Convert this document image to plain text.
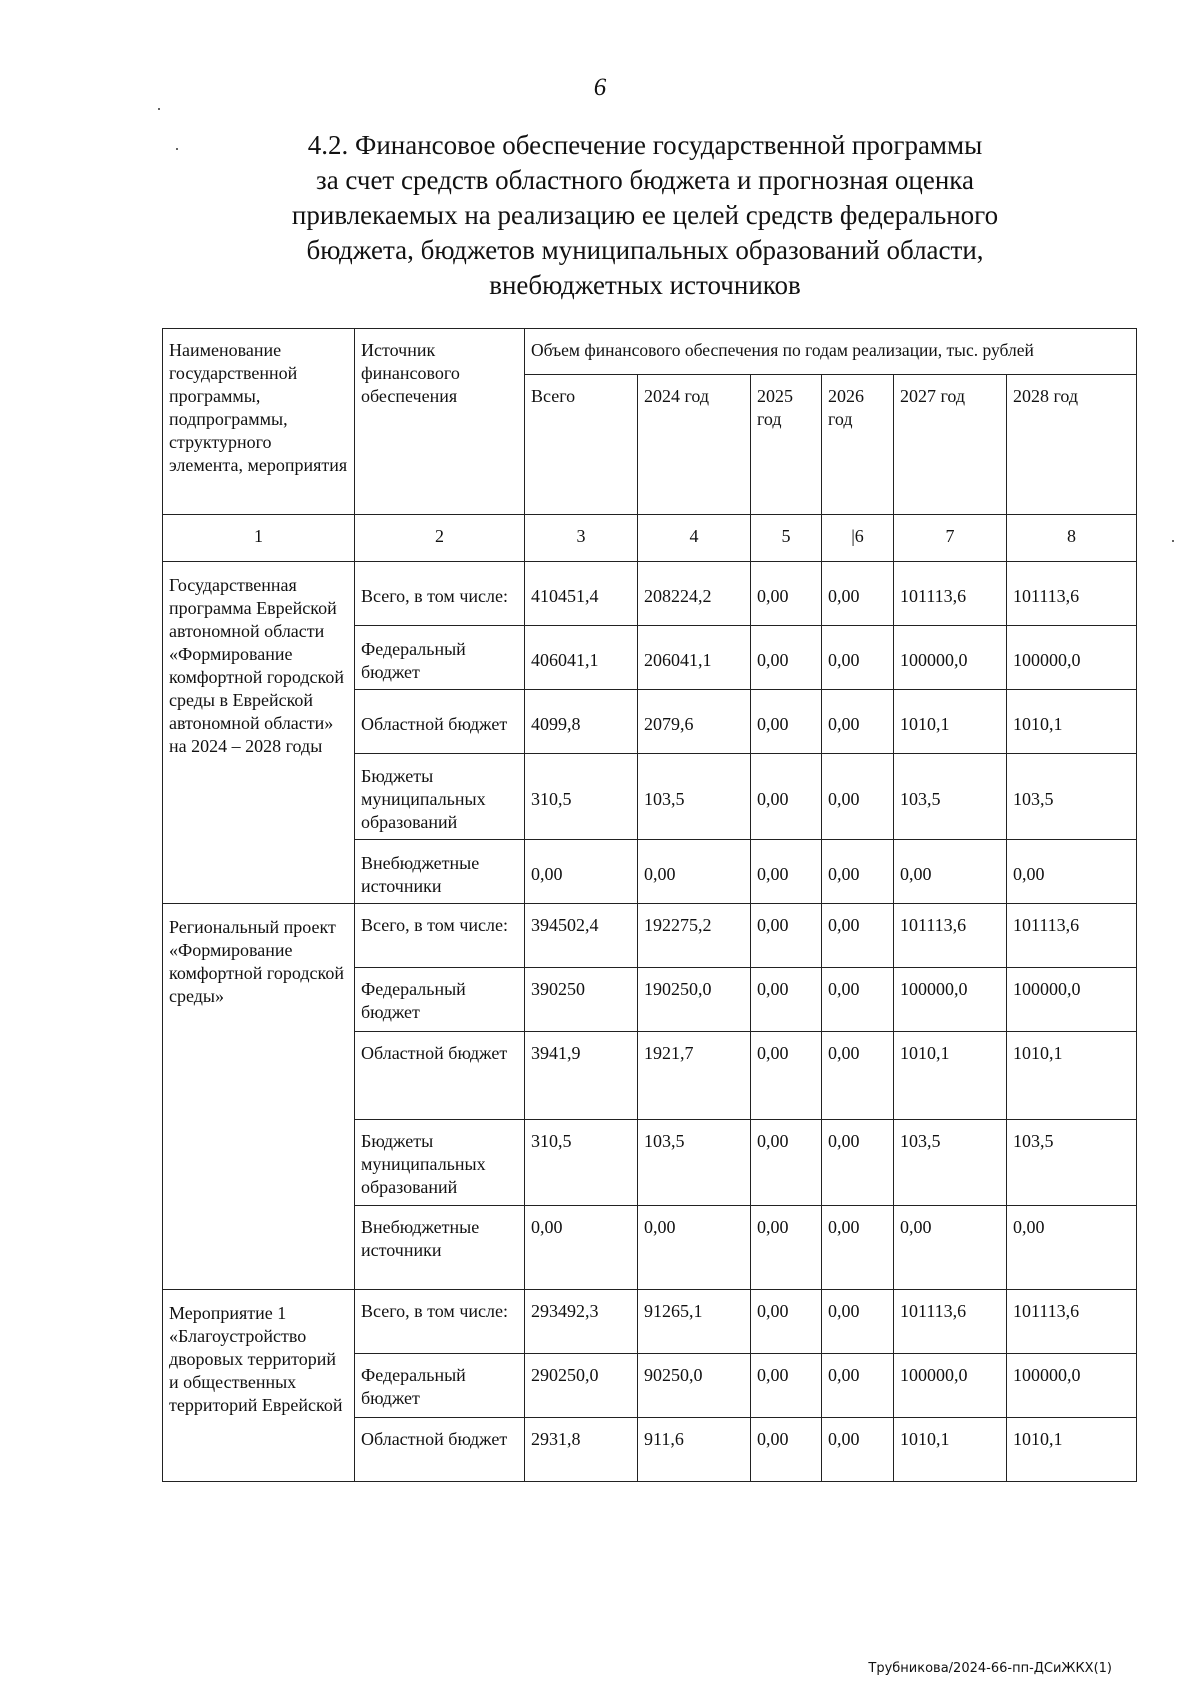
6
4.2. Финансовое обеспечение государственной программы
за счет средств областного бюджета и прогнозная оценка
привлекаемых на реализацию ее целей средств федерального
бюджета, бюджетов муниципальных образований области,
внебюджетных источников
Наименование государственной программы, подпрограммы, структурного элемента, мероприятия	Источник финансового обеспечения	Объем финансового обеспечения по годам реализации, тыс. рублей					
		Всего	2024 год	2025 год	2026 год	2027 год	2028 год
1	2	3	4	5	|6	7	8
Государственная программа Еврейской автономной области «Формирование комфортной городской среды в Еврейской автономной области» на 2024 – 2028 годы	Всего, в том числе:	410451,4	208224,2	0,00	0,00	101113,6	101113,6
	Федеральный бюджет	406041,1	206041,1	0,00	0,00	100000,0	100000,0
	Областной бюджет	4099,8	2079,6	0,00	0,00	1010,1	1010,1
	Бюджеты муниципальных образований	310,5	103,5	0,00	0,00	103,5	103,5
	Внебюджетные источники	0,00	0,00	0,00	0,00	0,00	0,00
Региональный проект «Формирование комфортной городской среды»	Всего, в том числе:	394502,4	192275,2	0,00	0,00	101113,6	101113,6
	Федеральный бюджет	390250	190250,0	0,00	0,00	100000,0	100000,0
	Областной бюджет	3941,9	1921,7	0,00	0,00	1010,1	1010,1
	Бюджеты муниципальных образований	310,5	103,5	0,00	0,00	103,5	103,5
	Внебюджетные источники	0,00	0,00	0,00	0,00	0,00	0,00
Мероприятие 1 «Благоустройство дворовых территорий и общественных территорий Еврейской	Всего, в том числе:	293492,3	91265,1	0,00	0,00	101113,6	101113,6
	Федеральный бюджет	290250,0	90250,0	0,00	0,00	100000,0	100000,0
	Областной бюджет	2931,8	911,6	0,00	0,00	1010,1	1010,1
Трубникова/2024-66-пп-ДСиЖКХ(1)
